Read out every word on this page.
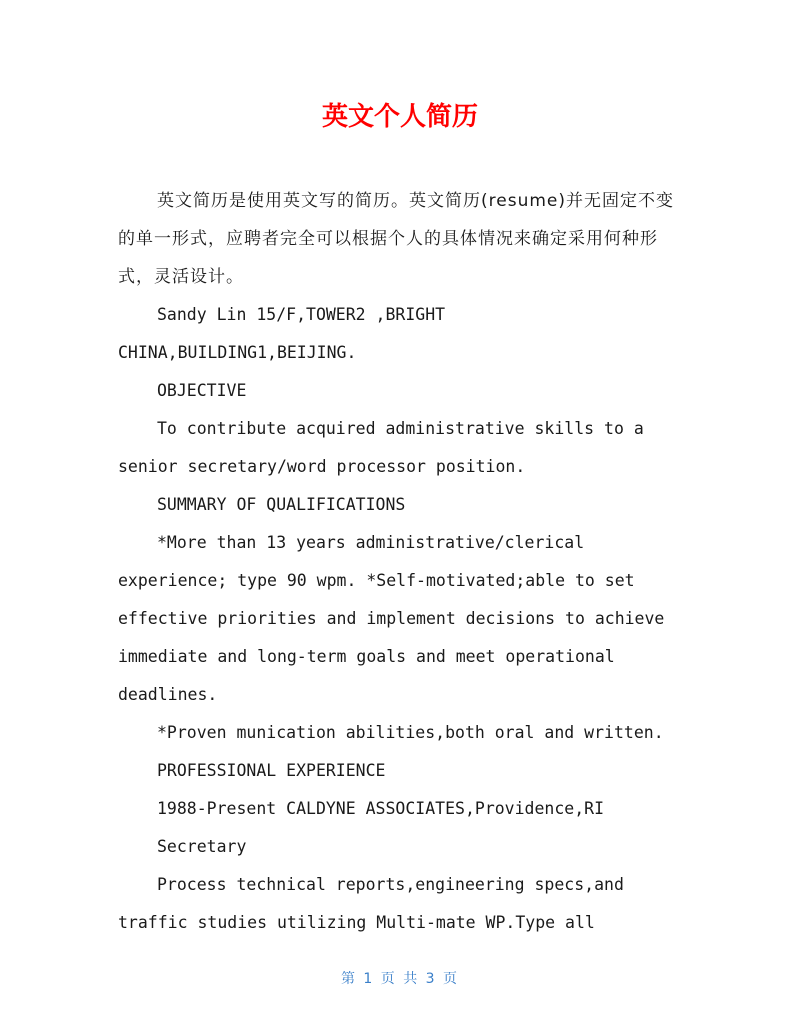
英文个人简历

英文简历是使用英文写的简历。英文简历(resume)并无固定不变的单一形式，应聘者完全可以根据个人的具体情况来确定采用何种形式，灵活设计。

Sandy Lin 15/F,TOWER2 ,BRIGHT

CHINA,BUILDING1,BEIJING.

OBJECTIVE

To contribute acquired administrative skills to a senior secretary/word processor position.

SUMMARY OF QUALIFICATIONS

*More than 13 years administrative/clerical experience; type 90 wpm. *Self-motivated;able to set effective priorities and implement decisions to achieve immediate and long-term goals and meet operational deadlines.

*Proven munication abilities,both oral and written.

PROFESSIONAL EXPERIENCE

1988-Present CALDYNE ASSOCIATES,Providence,RI

Secretary

Process technical reports,engineering specs,and traffic studies utilizing Multi-mate WP.Type all

第 1 页 共 3 页
